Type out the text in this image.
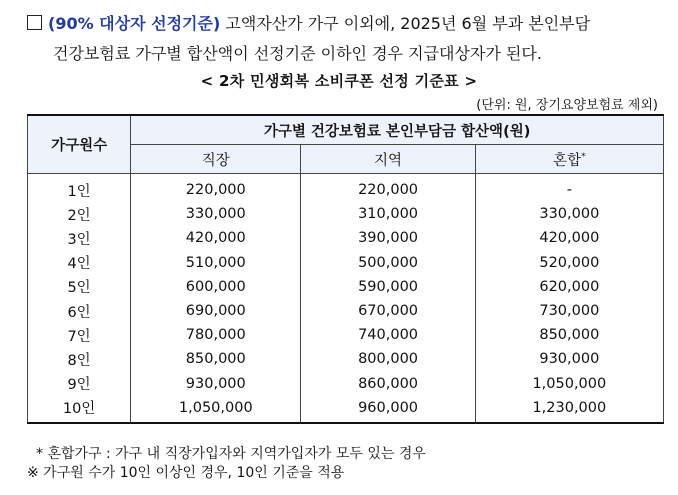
(90% 대상자 선정기준) 고액자산가 가구 이외에, 2025년 6월 부과 본인부담
건강보험료 가구별 합산액이 선정기준 이하인 경우 지급대상자가 된다.
< 2차 민생회복 소비쿠폰 선정 기준표 >
(단위: 원, 장기요양보험료 제외)
가구원수	가구별 건강보험료 본인부담금 합산액(원)		
	직장	지역	혼합*
1인	220,000	220,000	-
2인	330,000	310,000	330,000
3인	420,000	390,000	420,000
4인	510,000	500,000	520,000
5인	600,000	590,000	620,000
6인	690,000	670,000	730,000
7인	780,000	740,000	850,000
8인	850,000	800,000	930,000
9인	930,000	860,000	1,050,000
10인	1,050,000	960,000	1,230,000
* 혼합가구 : 가구 내 직장가입자와 지역가입자가 모두 있는 경우
※ 가구원 수가 10인 이상인 경우, 10인 기준을 적용
